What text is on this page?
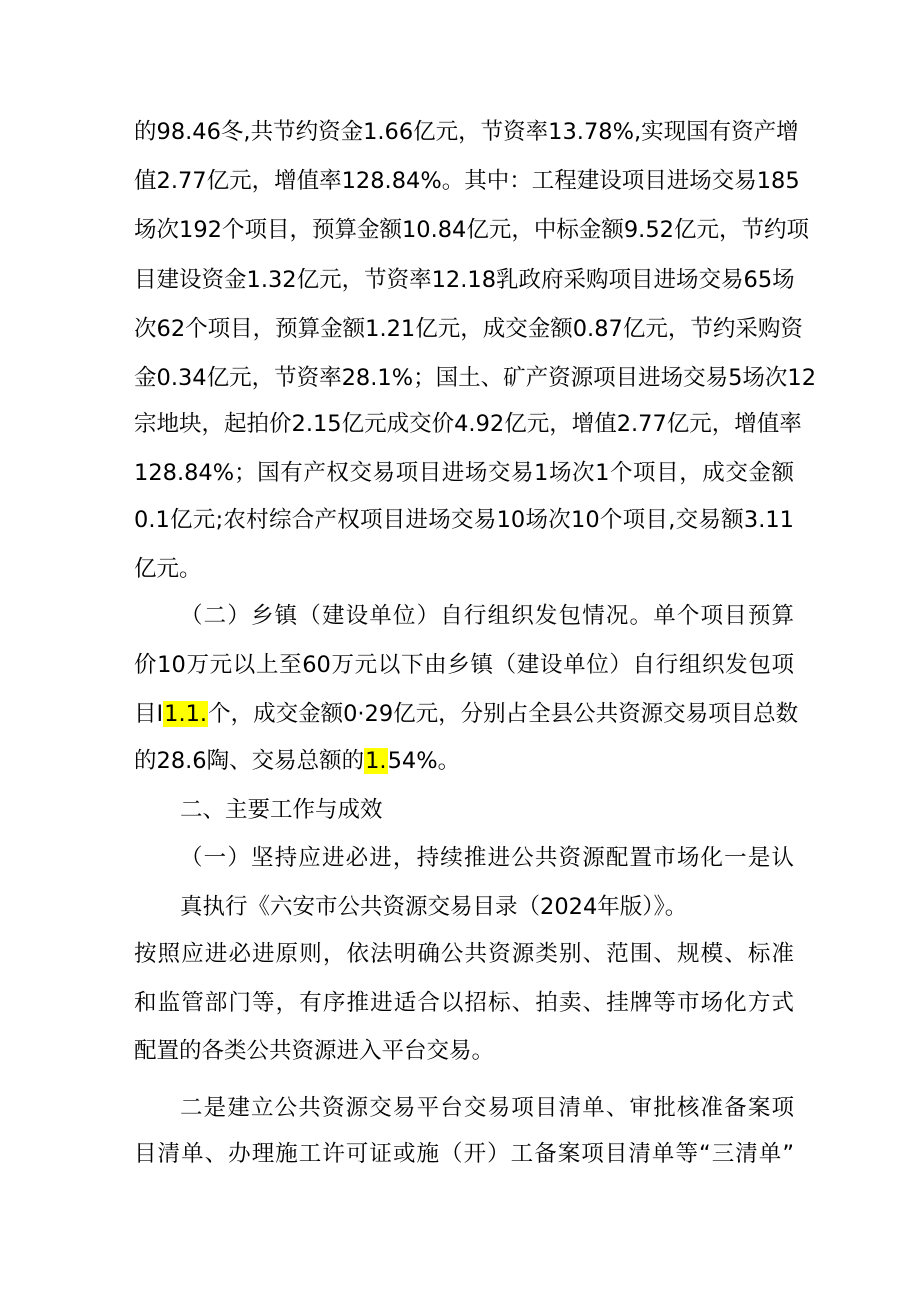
的98.46冬,共节约资金1.66亿元，节资率13.78%,实现国有资产增
值2.77亿元，增值率128.84%。其中：工程建设项目进场交易185
场次192个项目，预算金额10.84亿元，中标金额9.52亿元，节约项
目建设资金1.32亿元，节资率12.18乳政府采购项目进场交易65场
次62个项目，预算金额1.21亿元，成交金额0.87亿元，节约采购资
金0.34亿元，节资率28.1%；国土、矿产资源项目进场交易5场次12
宗地块，起拍价2.15亿元成交价4.92亿元，增值2.77亿元，增值率
128.84%；国有产权交易项目进场交易1场次1个项目，成交金额
0.1亿元;农村综合产权项目进场交易10场次10个项目,交易额3.11
亿元。
（二）乡镇（建设单位）自行组织发包情况。单个项目预算
价10万元以上至60万元以下由乡镇（建设单位）自行组织发包项
目I1.1.个，成交金额0·29亿元，分别占全县公共资源交易项目总数
的28.6陶、交易总额的1.54%。
二、主要工作与成效
（一）坚持应进必进，持续推进公共资源配置市场化一是认
真执行《六安市公共资源交易目录（2024年版）》。
按照应进必进原则，依法明确公共资源类别、范围、规模、标准
和监管部门等，有序推进适合以招标、拍卖、挂牌等市场化方式
配置的各类公共资源进入平台交易。
二是建立公共资源交易平台交易项目清单、审批核准备案项
目清单、办理施工许可证或施（开）工备案项目清单等“三清单”
